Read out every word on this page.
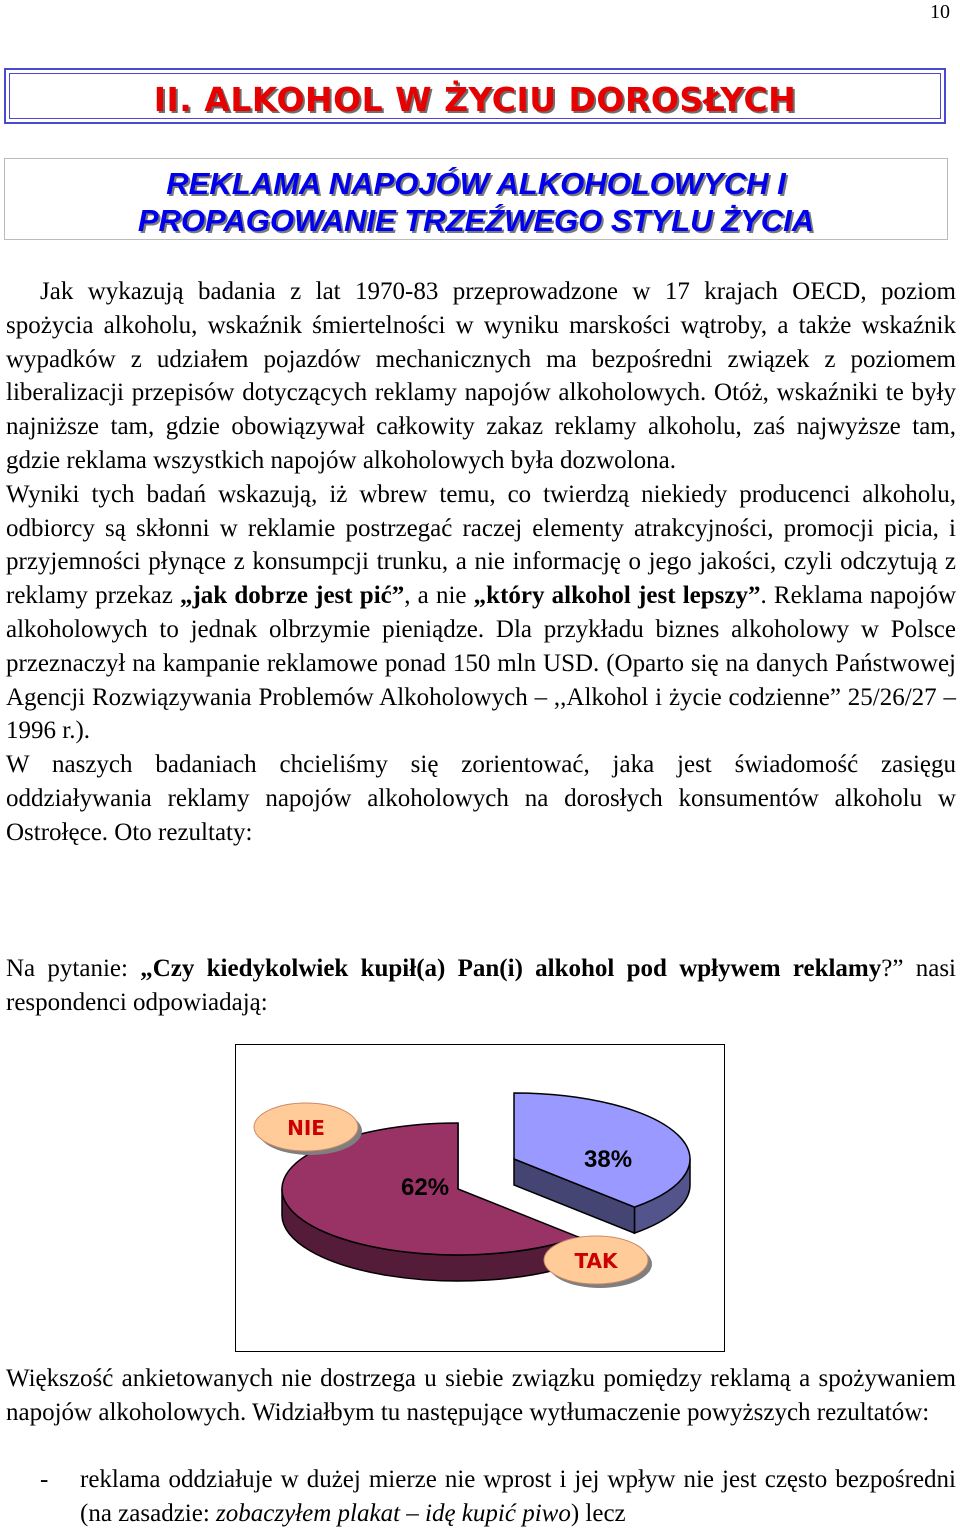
10
II. ALKOHOL W ŻYCIU DOROSŁYCH
REKLAMA NAPOJÓW ALKOHOLOWYCH I
PROPAGOWANIE TRZEŹWEGO STYLU ŻYCIA

Jak wykazują badania z lat 1970-83 przeprowadzone w 17 krajach OECD, poziom spożycia alkoholu, wskaźnik śmiertelności w wyniku marskości wątroby, a także wskaźnik wypadków z udziałem pojazdów mechanicznych ma bezpośredni związek z poziomem liberalizacji przepisów dotyczących reklamy napojów alkoholowych. Otóż, wskaźniki te były najniższe tam, gdzie obowiązywał całkowity zakaz reklamy alkoholu, zaś najwyższe tam, gdzie reklama wszystkich napojów alkoholowych była dozwolona.

Wyniki tych badań wskazują, iż wbrew temu, co twierdzą niekiedy producenci alkoholu, odbiorcy są skłonni w reklamie postrzegać raczej elementy atrakcyjności, promocji picia, i przyjemności płynące z konsumpcji trunku, a nie informację o jego jakości, czyli odczytują z reklamy przekaz „jak dobrze jest pić”, a nie „który alkohol jest lepszy”. Reklama napojów alkoholowych to jednak olbrzymie pieniądze. Dla przykładu biznes alkoholowy w Polsce przeznaczył na kampanie reklamowe ponad 150 mln USD. (Oparto się na danych Państwowej Agencji Rozwiązywania Problemów Alkoholowych – ,,Alkohol i życie codzienne” 25/26/27 – 1996 r.).

W naszych badaniach chcieliśmy się zorientować, jaka jest świadomość zasięgu oddziaływania reklamy napojów alkoholowych na dorosłych konsumentów alkoholu w Ostrołęce. Oto rezultaty:

Na pytanie: „Czy kiedykolwiek kupił(a) Pan(i) alkohol pod wpływem reklamy?” nasi respondenci odpowiadają:

62%
38%
NIE
TAK

Większość ankietowanych nie dostrzega u siebie związku pomiędzy reklamą a spożywaniem napojów alkoholowych. Widziałbym tu następujące wytłumaczenie powyższych rezultatów:

- reklama oddziałuje w dużej mierze nie wprost i jej wpływ nie jest często bezpośredni (na zasadzie: zobaczyłem plakat – idę kupić piwo) lecz
